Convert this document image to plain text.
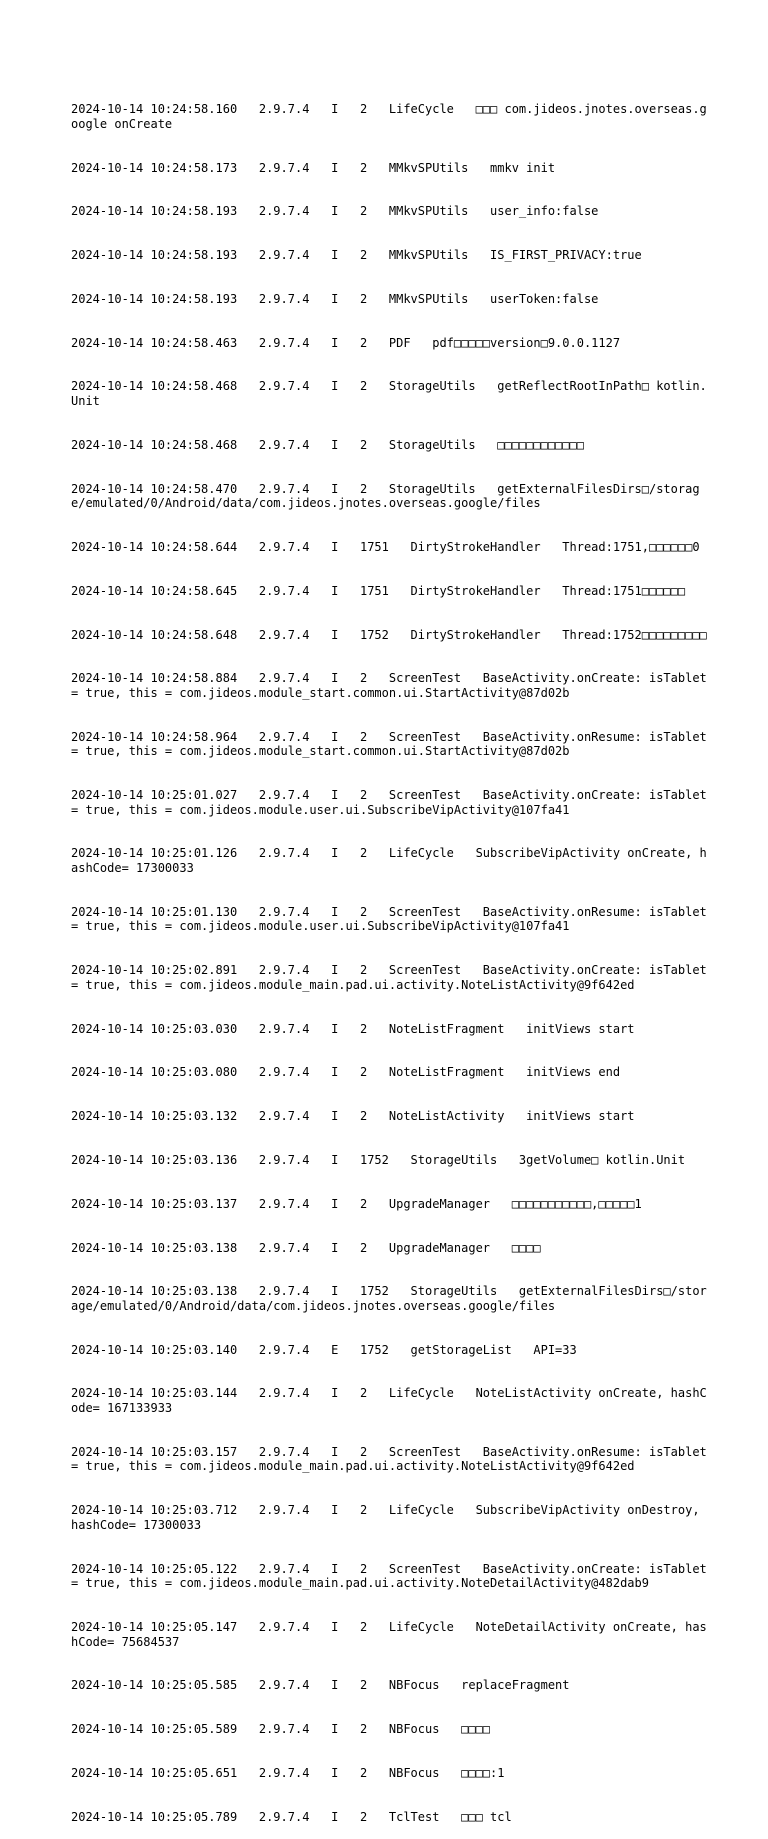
2024-10-14 10:24:58.160   2.9.7.4   I   2   LifeCycle   □□□ com.jideos.jnotes.overseas.google onCreate

2024-10-14 10:24:58.173   2.9.7.4   I   2   MMkvSPUtils   mmkv init

2024-10-14 10:24:58.193   2.9.7.4   I   2   MMkvSPUtils   user_info:false

2024-10-14 10:24:58.193   2.9.7.4   I   2   MMkvSPUtils   IS_FIRST_PRIVACY:true

2024-10-14 10:24:58.193   2.9.7.4   I   2   MMkvSPUtils   userToken:false

2024-10-14 10:24:58.463   2.9.7.4   I   2   PDF   pdf□□□□□version□9.0.0.1127

2024-10-14 10:24:58.468   2.9.7.4   I   2   StorageUtils   getReflectRootInPath□ kotlin.Unit

2024-10-14 10:24:58.468   2.9.7.4   I   2   StorageUtils   □□□□□□□□□□□□

2024-10-14 10:24:58.470   2.9.7.4   I   2   StorageUtils   getExternalFilesDirs□/storage/emulated/0/Android/data/com.jideos.jnotes.overseas.google/files

2024-10-14 10:24:58.644   2.9.7.4   I   1751   DirtyStrokeHandler   Thread:1751,□□□□□□0

2024-10-14 10:24:58.645   2.9.7.4   I   1751   DirtyStrokeHandler   Thread:1751□□□□□□

2024-10-14 10:24:58.648   2.9.7.4   I   1752   DirtyStrokeHandler   Thread:1752□□□□□□□□□

2024-10-14 10:24:58.884   2.9.7.4   I   2   ScreenTest   BaseActivity.onCreate: isTablet = true, this = com.jideos.module_start.common.ui.StartActivity@87d02b

2024-10-14 10:24:58.964   2.9.7.4   I   2   ScreenTest   BaseActivity.onResume: isTablet = true, this = com.jideos.module_start.common.ui.StartActivity@87d02b

2024-10-14 10:25:01.027   2.9.7.4   I   2   ScreenTest   BaseActivity.onCreate: isTablet = true, this = com.jideos.module.user.ui.SubscribeVipActivity@107fa41

2024-10-14 10:25:01.126   2.9.7.4   I   2   LifeCycle   SubscribeVipActivity onCreate, hashCode= 17300033

2024-10-14 10:25:01.130   2.9.7.4   I   2   ScreenTest   BaseActivity.onResume: isTablet = true, this = com.jideos.module.user.ui.SubscribeVipActivity@107fa41

2024-10-14 10:25:02.891   2.9.7.4   I   2   ScreenTest   BaseActivity.onCreate: isTablet = true, this = com.jideos.module_main.pad.ui.activity.NoteListActivity@9f642ed

2024-10-14 10:25:03.030   2.9.7.4   I   2   NoteListFragment   initViews start

2024-10-14 10:25:03.080   2.9.7.4   I   2   NoteListFragment   initViews end

2024-10-14 10:25:03.132   2.9.7.4   I   2   NoteListActivity   initViews start

2024-10-14 10:25:03.136   2.9.7.4   I   1752   StorageUtils   3getVolume□ kotlin.Unit

2024-10-14 10:25:03.137   2.9.7.4   I   2   UpgradeManager   □□□□□□□□□□□,□□□□□1

2024-10-14 10:25:03.138   2.9.7.4   I   2   UpgradeManager   □□□□

2024-10-14 10:25:03.138   2.9.7.4   I   1752   StorageUtils   getExternalFilesDirs□/storage/emulated/0/Android/data/com.jideos.jnotes.overseas.google/files

2024-10-14 10:25:03.140   2.9.7.4   E   1752   getStorageList   API=33

2024-10-14 10:25:03.144   2.9.7.4   I   2   LifeCycle   NoteListActivity onCreate, hashCode= 167133933

2024-10-14 10:25:03.157   2.9.7.4   I   2   ScreenTest   BaseActivity.onResume: isTablet = true, this = com.jideos.module_main.pad.ui.activity.NoteListActivity@9f642ed

2024-10-14 10:25:03.712   2.9.7.4   I   2   LifeCycle   SubscribeVipActivity onDestroy, hashCode= 17300033

2024-10-14 10:25:05.122   2.9.7.4   I   2   ScreenTest   BaseActivity.onCreate: isTablet = true, this = com.jideos.module_main.pad.ui.activity.NoteDetailActivity@482dab9

2024-10-14 10:25:05.147   2.9.7.4   I   2   LifeCycle   NoteDetailActivity onCreate, hashCode= 75684537

2024-10-14 10:25:05.585   2.9.7.4   I   2   NBFocus   replaceFragment

2024-10-14 10:25:05.589   2.9.7.4   I   2   NBFocus   □□□□

2024-10-14 10:25:05.651   2.9.7.4   I   2   NBFocus   □□□□:1

2024-10-14 10:25:05.789   2.9.7.4   I   2   TclTest   □□□ tcl
